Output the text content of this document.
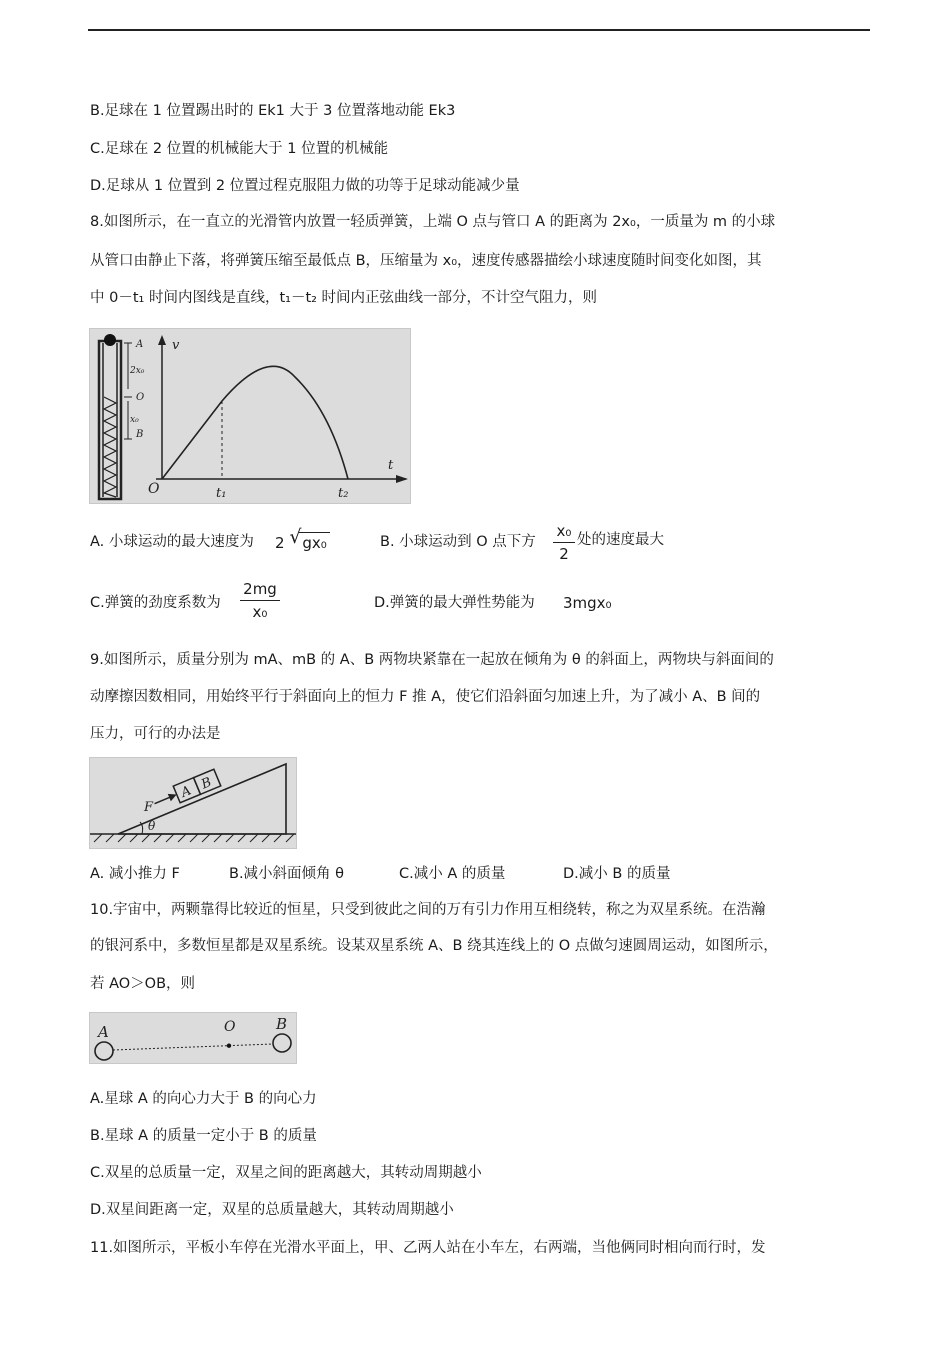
B.足球在 1 位置踢出时的 Ek1 大于 3 位置落地动能 Ek3
C.足球在 2 位置的机械能大于 1 位置的机械能
D.足球从 1 位置到 2 位置过程克服阻力做的功等于足球动能减少量
8.如图所示，在一直立的光滑管内放置一轻质弹簧，上端 O 点与管口 A 的距离为 2x₀，一质量为 m 的小球
从管口由静止下落，将弹簧压缩至最低点 B，压缩量为 x₀，速度传感器描绘小球速度随时间变化如图，其
中 0－t₁ 时间内图线是直线，t₁－t₂ 时间内正弦曲线一部分，不计空气阻力，则
A
2x₀
O
x₀
B
v
t
O	t₁	t₂
A. 小球运动的最大速度为 2 √ gx₀	B. 小球运动到 O 点下方
x₀
2
处的速度最大
C.弹簧的劲度系数为
2mg
x₀	D.弹簧的最大弹性势能为 3mgx₀
9.如图所示，质量分别为 mA、mB 的 A、B 两物块紧靠在一起放在倾角为 θ 的斜面上，两物块与斜面间的
动摩擦因数相同，用始终平行于斜面向上的恒力 F 推 A，使它们沿斜面匀加速上升，为了减小 A、B 间的
压力，可行的办法是
A B
F
θ
A. 减小推力 F	B.减小斜面倾角 θ	C.减小 A 的质量	D.减小 B 的质量
10.宇宙中，两颗靠得比较近的恒星，只受到彼此之间的万有引力作用互相绕转，称之为双星系统。在浩瀚
的银河系中，多数恒星都是双星系统。设某双星系统 A、B 绕其连线上的 O 点做匀速圆周运动，如图所示，
若 AO＞OB，则
A	O	B
A.星球 A 的向心力大于 B 的向心力
B.星球 A 的质量一定小于 B 的质量
C.双星的总质量一定，双星之间的距离越大，其转动周期越小
D.双星间距离一定，双星的总质量越大，其转动周期越小
11.如图所示，平板小车停在光滑水平面上，甲、乙两人站在小车左，右两端，当他俩同时相向而行时，发
